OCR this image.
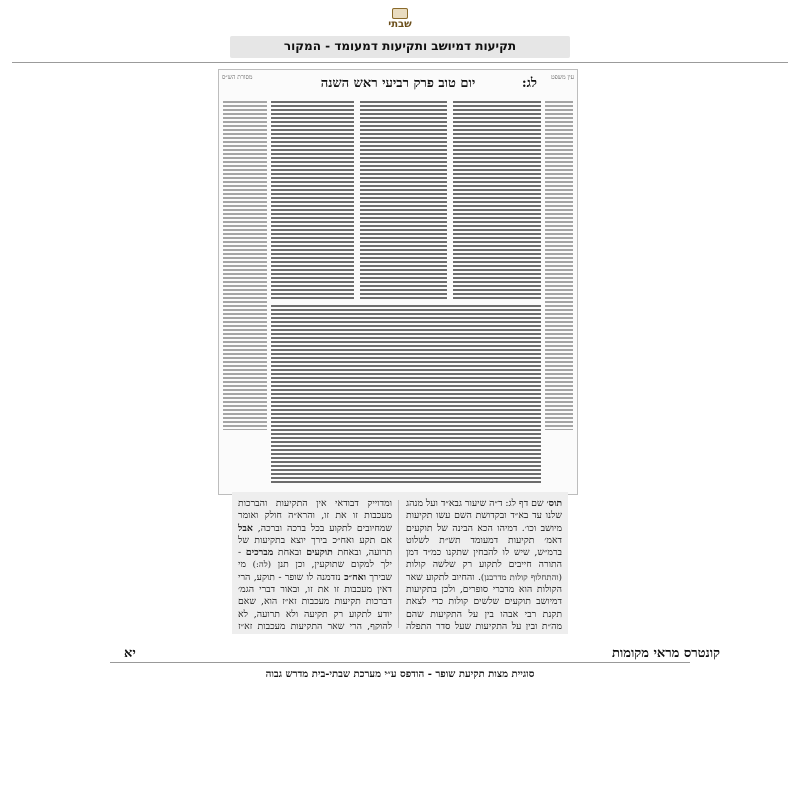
שבתי
תקיעות דמיושב ותקיעות דמעומד - המקור
לג:
יום טוב פרק רביעי ראש השנה	עין משפט
מסורת הש״ס
תוס׳ שם דף לג: ד״ה שיעור גבא״ד ועל מנהג שלנו עד בא״ד ובקדושת השם עשו תקיעות מיושב וכו׳. דמיהו הכא הבינה של תוקעים דאמ׳ תקיעות דמעומד תש״ת לשלוט ברמ״ש, שיש לו להבחין שתקנו כמ״ד דמן התורה חייבים לתקוע רק שלשה קולות (והתחלוף קולות מדרבנן). והחיוב לתקוע שאר הקולות הוא מדברי סופרים, ולכן בתקיעות דמיושב תוקעים שלשים קולות כדי לצאת תקנת רבי אבהו בין על התקיעות שהם מה״ת ובין על התקיעות שעל סדר התפלה

ומדוייק דבודאי אין התקיעות והברכות מעכבות זו את זו, והרא״ה חולק ואומר שמחיובים לתקוע בכל ברכה וברכה, אבל אם תקע ואח״כ בירך יוצא בתקיעות של תרועה, ובאחת תוקעים ובאחת מברכים - ילך למקום שתוקעין, וכן תנן (לה:) מי שבירך ואח״כ נזדמנה לו שופר - תוקע, הרי דאין מעכבות זו את זו, ובאור דברי הגמ׳ דברכות תקיעות מעכבות זא״ז הוא, שאם יודע לתקוע רק תקיעה ולא תרועה, לא להוקף, הרי שאר התקיעות מעכבות זא״ז

יא	קונטרס מראי מקומות
סוגיית מצות תקיעת שופר - הודפס ע״י מערכת שבתי-בית מדרש גבוה
